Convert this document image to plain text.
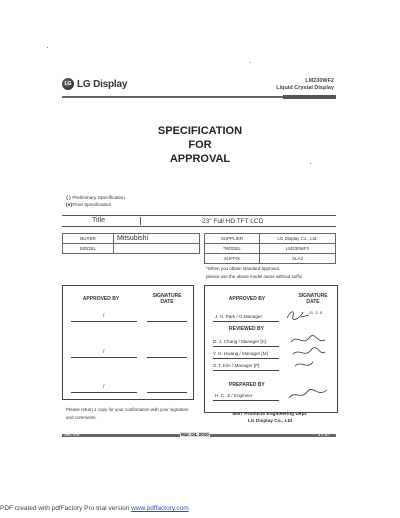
LG LG Display	LM230WF2
Liquid Crystal Display
SPECIFICATION
FOR
APPROVAL
( ) Preliminary Specification
(●) Final Specification
Title	23" Full HD TFT LCD
BUYER	Mitsubishi
MODEL	
SUPPLIER	LG Display Co., Ltd.
*MODEL	LM230WF2
SUFFIX	SLA2
*When you obtain standard approval,
please use the above model name without suffix
APPROVED BY	SIGNATURE DATE
/
/
/
APPROVED BY	SIGNATURE DATE
J. H. Park / G.Manager
11. 3. 5
REVIEWED BY
D. J. Chang / Manager [C]
Y. H. Hwang / Manager [M]
G.T. Kim / Manager [P]
PREPARED BY
H. C. Ji / Engineer
Please return 1 copy for your confirmation with your signature and comments.
MNT Products Engineering Dept.
LG Display Co., Ltd
Ver. 0.0	Mar. 04, 2010	1 / 37
PDF created with pdfFactory Pro trial version www.pdffactory.com
